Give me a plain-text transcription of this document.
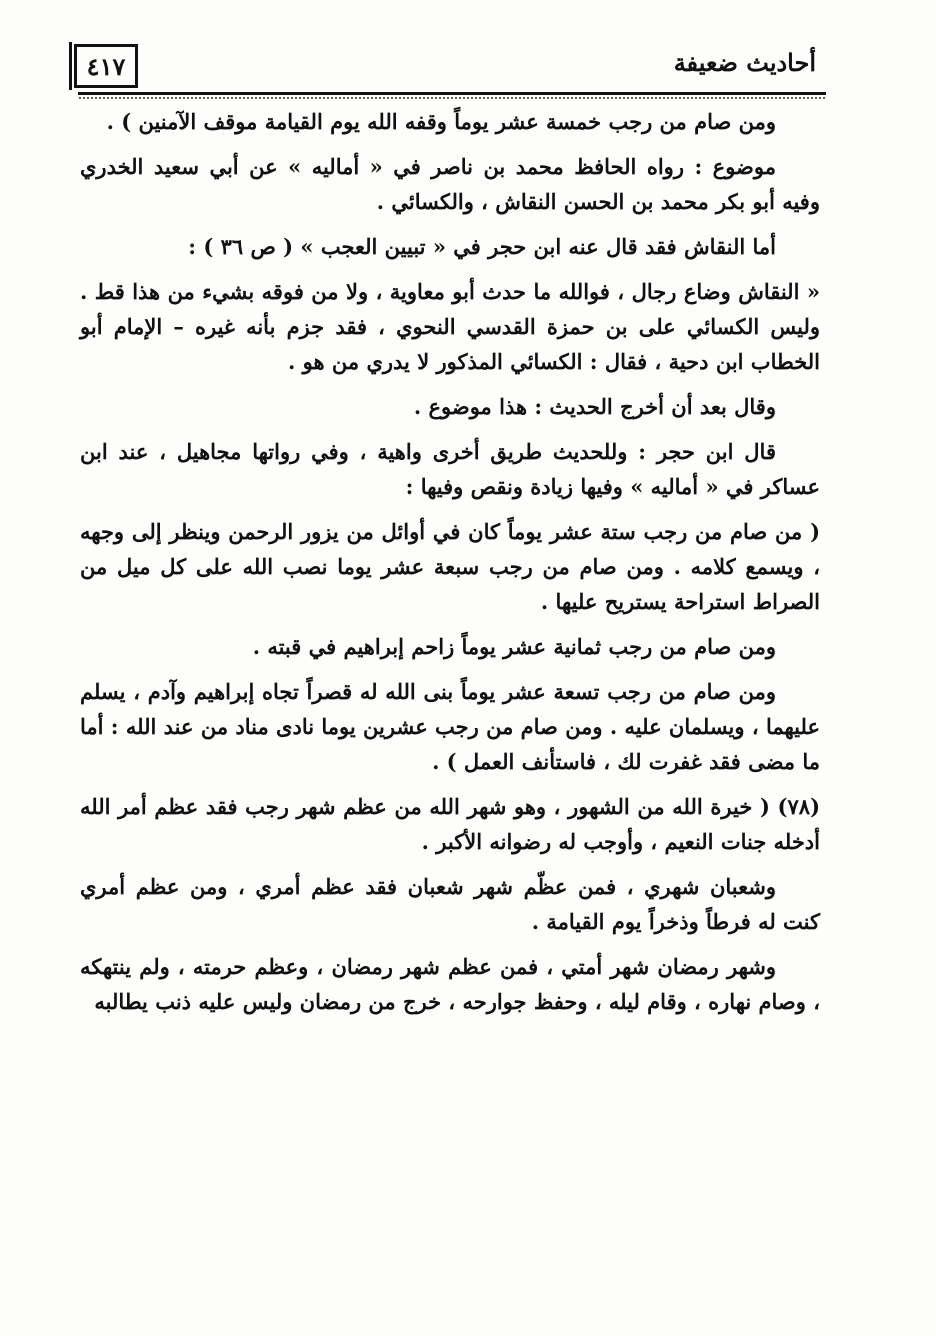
٤١٧	أحاديث ضعيفة

ومن صام من رجب خمسة عشر يوماً وقفه الله يوم القيامة موقف الآمنين ) .

موضوع : رواه الحافظ محمد بن ناصر في « أماليه » عن أبي سعيد الخدري وفيه أبو بكر محمد بن الحسن النقاش ، والكسائي .

أما النقاش فقد قال عنه ابن حجر في « تبيين العجب » ( ص ٣٦ ) :

« النقاش وضاع رجال ، فوالله ما حدث أبو معاوية ، ولا من فوقه بشيء من هذا قط . وليس الكسائي على بن حمزة القدسي النحوي ، فقد جزم بأنه غيره – الإمام أبو الخطاب ابن دحية ، فقال : الكسائي المذكور لا يدري من هو .

وقال بعد أن أخرج الحديث : هذا موضوع .

قال ابن حجر : وللحديث طريق أخرى واهية ، وفي رواتها مجاهيل ، عند ابن عساكر في « أماليه » وفيها زيادة ونقص وفيها :

( من صام من رجب ستة عشر يوماً كان في أوائل من يزور الرحمن وينظر إلى وجهه ، ويسمع كلامه . ومن صام من رجب سبعة عشر يوما نصب الله على كل ميل من الصراط استراحة يستريح عليها .

ومن صام من رجب ثمانية عشر يوماً زاحم إبراهيم في قبته .

ومن صام من رجب تسعة عشر يوماً بنى الله له قصراً تجاه إبراهيم وآدم ، يسلم عليهما ، ويسلمان عليه . ومن صام من رجب عشرين يوما نادى مناد من عند الله : أما ما مضى فقد غفرت لك ، فاستأنف العمل ) .

(٧٨) ( خيرة الله من الشهور ، وهو شهر الله من عظم شهر رجب فقد عظم أمر الله أدخله جنات النعيم ، وأوجب له رضوانه الأكبر .

وشعبان شهري ، فمن عظّم شهر شعبان فقد عظم أمري ، ومن عظم أمري كنت له فرطاً وذخراً يوم القيامة .

وشهر رمضان شهر أمتي ، فمن عظم شهر رمضان ، وعظم حرمته ، ولم ينتهكه ، وصام نهاره ، وقام ليله ، وحفظ جوارحه ، خرج من رمضان وليس عليه ذنب يطالبه
